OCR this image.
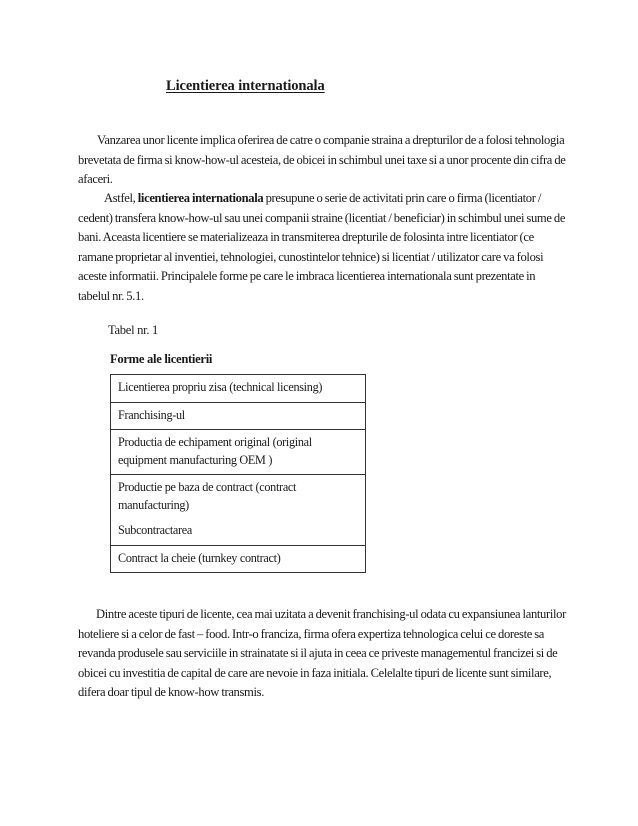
Licentierea internationala

Vanzarea unor licente implica oferirea de catre o companie straina a drepturilor de a folosi tehnologia brevetata de firma si know-how-ul acesteia, de obicei in schimbul unei taxe si a unor procente din cifra de afaceri.

Astfel, licentierea internationala presupune o serie de activitati prin care o firma (licentiator / cedent) transfera know-how-ul sau unei companii straine (licentiat / beneficiar) in schimbul unei sume de bani. Aceasta licentiere se materializeaza in transmiterea drepturile de folosinta intre licentiator (ce ramane proprietar al inventiei, tehnologiei, cunostintelor tehnice) si licentiat / utilizator care va folosi aceste informatii. Principalele forme pe care le imbraca licentierea internationala sunt prezentate in tabelul nr. 5.1.

Tabel nr. 1
Forme ale licentierii
Licentierea propriu zisa (technical licensing)
Franchising-ul
Productia de echipament original (original equipment manufacturing OEM )
Productie pe baza de contract (contract manufacturing)
Subcontractarea

Contract la cheie (turnkey contract)

Dintre aceste tipuri de licente, cea mai uzitata a devenit franchising-ul odata cu expansiunea lanturilor hoteliere si a celor de fast – food. Intr-o franciza, firma ofera expertiza tehnologica celui ce doreste sa revanda produsele sau serviciile in strainatate si il ajuta in ceea ce priveste managementul francizei si de obicei cu investitia de capital de care are nevoie in faza initiala. Celelalte tipuri de licente sunt similare, difera doar tipul de know-how transmis.
